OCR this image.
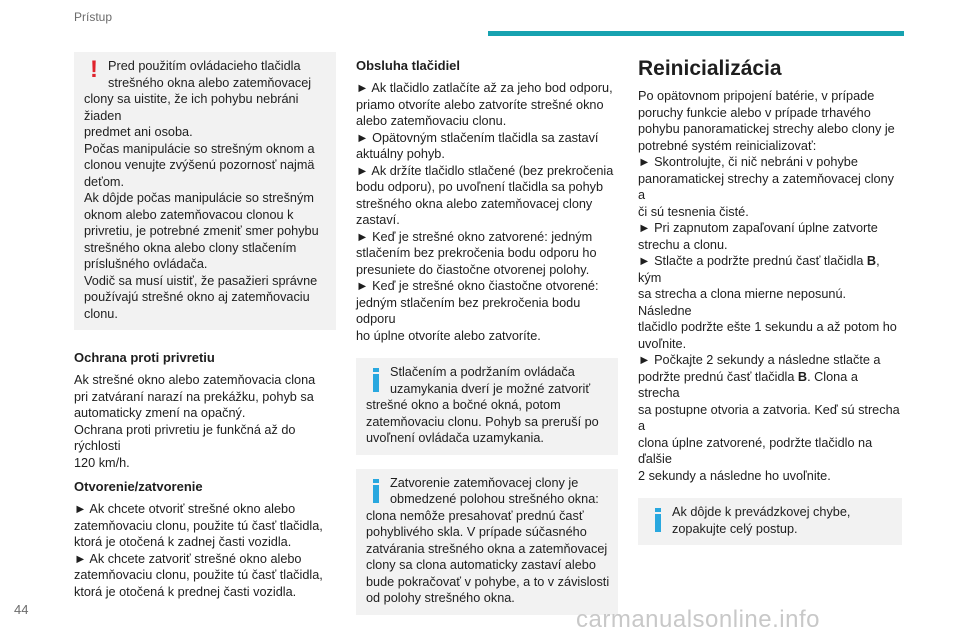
Prístup
! Pred použitím ovládacieho tlačidla

strešného okna alebo zatemňovacej

clony sa uistite, že ich pohybu nebráni žiaden

predmet ani osoba.

Počas manipulácie so strešným oknom a

clonou venujte zvýšenú pozornosť najmä

deťom.

Ak dôjde počas manipulácie so strešným

oknom alebo zatemňovacou clonou k

privretiu, je potrebné zmeniť smer pohybu

strešného okna alebo clony stlačením

príslušného ovládača.

Vodič sa musí uistiť, že pasažieri správne

používajú strešné okno aj zatemňovaciu

clonu.

Ochrana proti privretiu

Ak strešné okno alebo zatemňovacia clona

pri zatváraní narazí na prekážku, pohyb sa

automaticky zmení na opačný.

Ochrana proti privretiu je funkčná až do rýchlosti

120 km/h.

Otvorenie/zatvorenie

► Ak chcete otvoriť strešné okno alebo

zatemňovaciu clonu, použite tú časť tlačidla,

ktorá je otočená k zadnej časti vozidla.

► Ak chcete zatvoriť strešné okno alebo

zatemňovaciu clonu, použite tú časť tlačidla,

ktorá je otočená k prednej časti vozidla.

Obsluha tlačidiel

► Ak tlačidlo zatlačíte až za jeho bod odporu,

priamo otvoríte alebo zatvoríte strešné okno

alebo zatemňovaciu clonu.

► Opätovným stlačením tlačidla sa zastaví

aktuálny pohyb.

► Ak držíte tlačidlo stlačené (bez prekročenia

bodu odporu), po uvoľnení tlačidla sa pohyb

strešného okna alebo zatemňovacej clony

zastaví.

► Keď je strešné okno zatvorené: jedným

stlačením bez prekročenia bodu odporu ho

presuniete do čiastočne otvorenej polohy.

► Keď je strešné okno čiastočne otvorené:

jedným stlačením bez prekročenia bodu odporu

ho úplne otvoríte alebo zatvoríte.

Stlačením a podržaním ovládača

uzamykania dverí je možné zatvoriť

strešné okno a bočné okná, potom

zatemňovaciu clonu. Pohyb sa preruší po

uvoľnení ovládača uzamykania.

Zatvorenie zatemňovacej clony je

obmedzené polohou strešného okna:

clona nemôže presahovať prednú časť

pohyblivého skla. V prípade súčasného

zatvárania strešného okna a zatemňovacej

clony sa clona automaticky zastaví alebo

bude pokračovať v pohybe, a to v závislosti

od polohy strešného okna.

Reinicializácia

Po opätovnom pripojení batérie, v prípade

poruchy funkcie alebo v prípade trhavého

pohybu panoramatickej strechy alebo clony je

potrebné systém reinicializovať:

► Skontrolujte, či nič nebráni v pohybe

panoramatickej strechy a zatemňovacej clony a

či sú tesnenia čisté.

► Pri zapnutom zapaľovaní úplne zatvorte

strechu a clonu.

► Stlačte a podržte prednú časť tlačidla B, kým

sa strecha a clona mierne neposunú. Následne

tlačidlo podržte ešte 1 sekundu a až potom ho

uvoľnite.

► Počkajte 2 sekundy a následne stlačte a

podržte prednú časť tlačidla B. Clona a strecha

sa postupne otvoria a zatvoria. Keď sú strecha a

clona úplne zatvorené, podržte tlačidlo na ďalšie

2 sekundy a následne ho uvoľnite.

Ak dôjde k prevádzkovej chybe,

zopakujte celý postup.

44	carmanualsonline.info
